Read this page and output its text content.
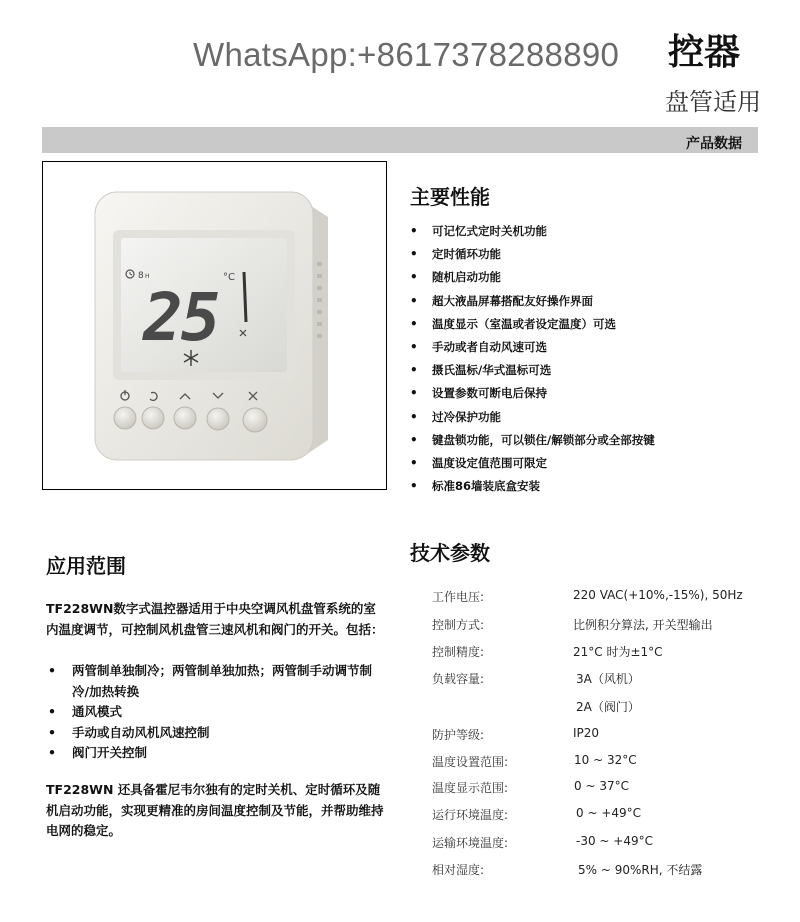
WhatsApp:+8617378288890 控器
盘管适用
产品数据
8 H	°C
25
主要性能
• 可记忆式定时关机功能
• 定时循环功能
• 随机启动功能
• 超大液晶屏幕搭配友好操作界面
• 温度显示（室温或者设定温度）可选
• 手动或者自动风速可选
• 摄氏温标/华式温标可选
• 设置参数可断电后保持
• 过冷保护功能
• 键盘锁功能，可以锁住/解锁部分或全部按键
• 温度设定值范围可限定
• 标准86墙装底盒安装
应用范围
TF228WN数字式温控器适用于中央空调风机盘管系统的室内温度调节，可控制风机盘管三速风机和阀门的开关。包括：
• 两管制单独制冷；两管制单独加热；两管制手动调节制冷/加热转换
• 通风模式
• 手动或自动风机风速控制
• 阀门开关控制
TF228WN 还具备霍尼韦尔独有的定时关机、定时循环及随机启动功能，实现更精准的房间温度控制及节能，并帮助维持电网的稳定。
技术参数
工作电压:	220 VAC(+10%,-15%), 50Hz
控制方式:	比例积分算法, 开关型输出
控制精度:	21°C 时为±1°C
负载容量:	3A（风机）
2A（阀门）
防护等级:	IP20
温度设置范围:	10 ~ 32°C
温度显示范围:	0 ~ 37°C
运行环境温度:	0 ~ +49°C
运输环境温度:	-30 ~ +49°C
相对湿度:	5% ~ 90%RH, 不结露
